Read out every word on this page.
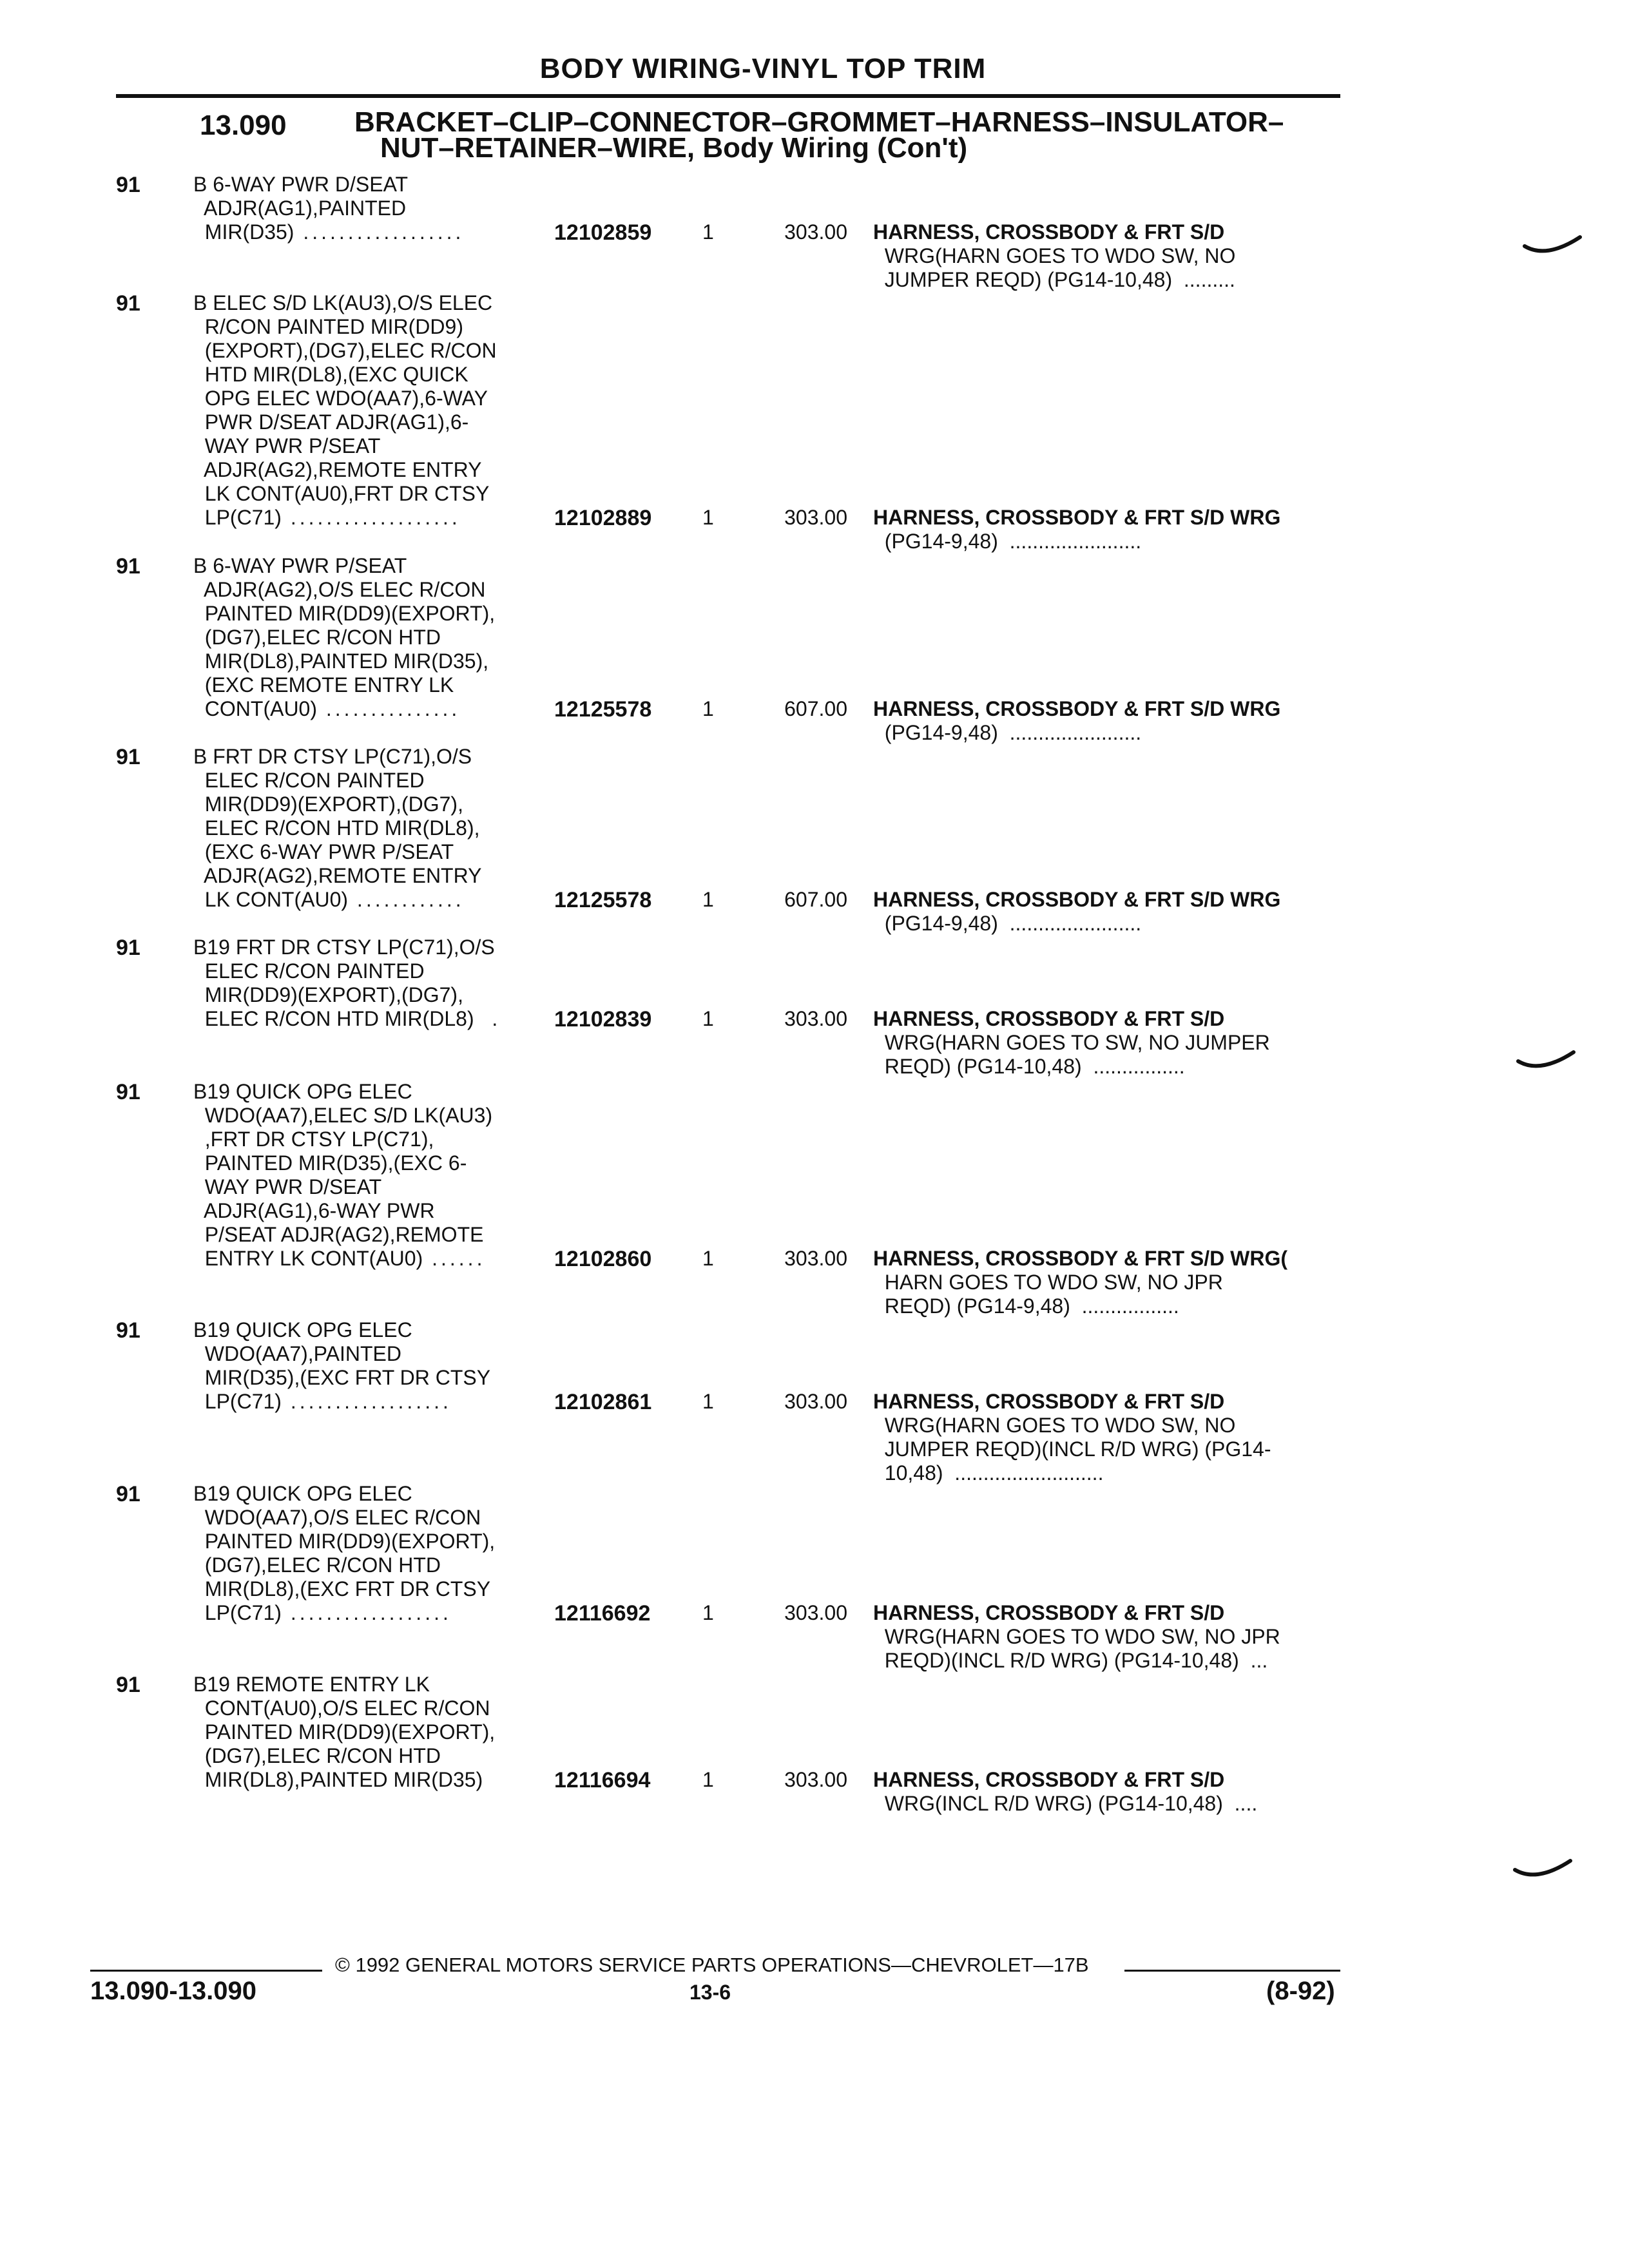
BODY WIRING-VINYL TOP TRIM
13.090 BRACKET–CLIP–CONNECTOR–GROMMET–HARNESS–INSULATOR–
NUT–RETAINER–WIRE, Body Wiring (Con't)
91	B 6-WAY PWR D/SEAT
ADJR(AG1),PAINTED
MIR(D35) ..................	12102859	1	303.00 HARNESS, CROSSBODY & FRT S/D
WRG(HARN GOES TO WDO SW, NO
JUMPER REQD) (PG14-10,48)  .........
91	B ELEC S/D LK(AU3),O/S ELEC
R/CON PAINTED MIR(DD9)
(EXPORT),(DG7),ELEC R/CON
HTD MIR(DL8),(EXC QUICK
OPG ELEC WDO(AA7),6-WAY
PWR D/SEAT ADJR(AG1),6-
WAY PWR P/SEAT
ADJR(AG2),REMOTE ENTRY
LK CONT(AU0),FRT DR CTSY
LP(C71) ...................	12102889	1	303.00 HARNESS, CROSSBODY & FRT S/D WRG
(PG14-9,48)  .......................
91	B 6-WAY PWR P/SEAT
ADJR(AG2),O/S ELEC R/CON
PAINTED MIR(DD9)(EXPORT),
(DG7),ELEC R/CON HTD
MIR(DL8),PAINTED MIR(D35),
(EXC REMOTE ENTRY LK
CONT(AU0) ...............	12125578	1	607.00 HARNESS, CROSSBODY & FRT S/D WRG
(PG14-9,48)  .......................
91	B FRT DR CTSY LP(C71),O/S
ELEC R/CON PAINTED
MIR(DD9)(EXPORT),(DG7),
ELEC R/CON HTD MIR(DL8),
(EXC 6-WAY PWR P/SEAT
ADJR(AG2),REMOTE ENTRY
LK CONT(AU0) ............	12125578	1	607.00 HARNESS, CROSSBODY & FRT S/D WRG
(PG14-9,48)  .......................
91	B19 FRT DR CTSY LP(C71),O/S
ELEC R/CON PAINTED
MIR(DD9)(EXPORT),(DG7),
ELEC R/CON HTD MIR(DL8)  .	12102839	1	303.00 HARNESS, CROSSBODY & FRT S/D
WRG(HARN GOES TO SW, NO JUMPER
REQD) (PG14-10,48)  ................
91	B19 QUICK OPG ELEC
WDO(AA7),ELEC S/D LK(AU3)
,FRT DR CTSY LP(C71),
PAINTED MIR(D35),(EXC 6-
WAY PWR D/SEAT
ADJR(AG1),6-WAY PWR
P/SEAT ADJR(AG2),REMOTE
ENTRY LK CONT(AU0) ......	12102860	1	303.00 HARNESS, CROSSBODY & FRT S/D WRG(
HARN GOES TO WDO SW, NO JPR
REQD) (PG14-9,48)  .................
91	B19 QUICK OPG ELEC
WDO(AA7),PAINTED
MIR(D35),(EXC FRT DR CTSY
LP(C71) ..................	12102861	1	303.00 HARNESS, CROSSBODY & FRT S/D
WRG(HARN GOES TO WDO SW, NO
JUMPER REQD)(INCL R/D WRG) (PG14-
10,48)  ..........................
91	B19 QUICK OPG ELEC
WDO(AA7),O/S ELEC R/CON
PAINTED MIR(DD9)(EXPORT),
(DG7),ELEC R/CON HTD
MIR(DL8),(EXC FRT DR CTSY
LP(C71) ..................	12116692	1	303.00 HARNESS, CROSSBODY & FRT S/D
WRG(HARN GOES TO WDO SW, NO JPR
REQD)(INCL R/D WRG) (PG14-10,48)  ...
91	B19 REMOTE ENTRY LK
CONT(AU0),O/S ELEC R/CON
PAINTED MIR(DD9)(EXPORT),
(DG7),ELEC R/CON HTD
MIR(DL8),PAINTED MIR(D35)	12116694	1	303.00 HARNESS, CROSSBODY & FRT S/D
WRG(INCL R/D WRG) (PG14-10,48)  ....
© 1992 GENERAL MOTORS SERVICE PARTS OPERATIONS—CHEVROLET—17B
13.090-13.090	13-6	(8-92)
